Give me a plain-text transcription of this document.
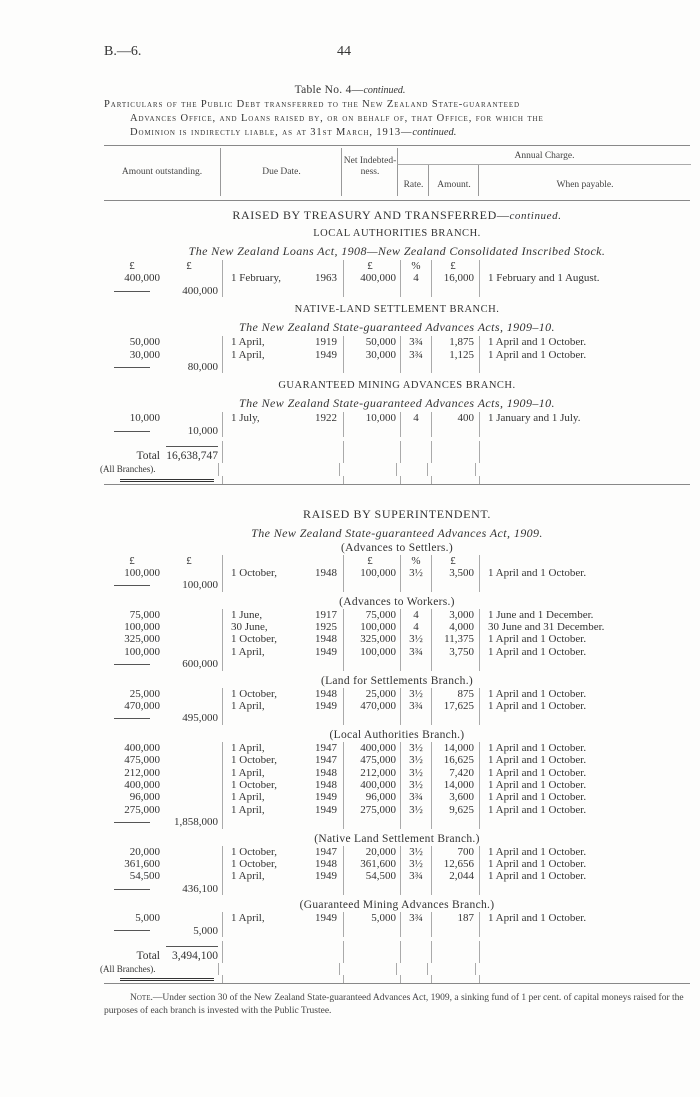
B.—6.	44
Table No. 4—continued.
Particulars of the Public Debt transferred to the New Zealand State-guaranteed
Advances Office, and Loans raised by, or on behalf of, that Office, for which the
Dominion is indirectly liable, as at 31st March, 1913—continued.
Amount outstanding.	Due Date.
Net Indebted-ness.
Annual Charge.
Rate.	Amount.	When payable.
RAISED BY TREASURY AND TRANSFERRED—continued.
LOCAL AUTHORITIES BRANCH.
The New Zealand Loans Act, 1908—New Zealand Consolidated Inscribed Stock.
£	£	£	%	£
400,000	1 February,	1963	400,000	4	16,000	1 February and 1 August.
400,000
NATIVE-LAND SETTLEMENT BRANCH.
The New Zealand State-guaranteed Advances Acts, 1909–10.
50,000	1 April,	1919	50,000	3¾	1,875	1 April and 1 October.
30,000	1 April,	1949	30,000	3¾	1,125	1 April and 1 October.
80,000
GUARANTEED MINING ADVANCES BRANCH.
The New Zealand State-guaranteed Advances Acts, 1909–10.
10,000	1 July,	1922	10,000	4	400	1 January and 1 July.
10,000
Total 16,638,747
(All Branches).
RAISED BY SUPERINTENDENT.
The New Zealand State-guaranteed Advances Act, 1909.
(Advances to Settlers.)
£	£	£	%	£
100,000	1 October,	1948	100,000	3½	3,500	1 April and 1 October.
100,000
(Advances to Workers.)
75,000	1 June,	1917	75,000	4	3,000	1 June and 1 December.
100,000	30 June,	1925	100,000	4	4,000	30 June and 31 December.
325,000	1 October,	1948	325,000	3½	11,375	1 April and 1 October.
100,000	1 April,	1949	100,000	3¾	3,750	1 April and 1 October.
600,000
(Land for Settlements Branch.)
25,000	1 October,	1948	25,000	3½	875	1 April and 1 October.
470,000	1 April,	1949	470,000	3¾	17,625	1 April and 1 October.
495,000
(Local Authorities Branch.)
400,000	1 April,	1947	400,000	3½	14,000	1 April and 1 October.
475,000	1 October,	1947	475,000	3½	16,625	1 April and 1 October.
212,000	1 April,	1948	212,000	3½	7,420	1 April and 1 October.
400,000	1 October,	1948	400,000	3½	14,000	1 April and 1 October.
96,000	1 April,	1949	96,000	3¾	3,600	1 April and 1 October.
275,000	1 April,	1949	275,000	3½	9,625	1 April and 1 October.
1,858,000
(Native Land Settlement Branch.)
20,000	1 October,	1947	20,000	3½	700	1 April and 1 October.
361,600	1 October,	1948	361,600	3½	12,656	1 April and 1 October.
54,500	1 April,	1949	54,500	3¾	2,044	1 April and 1 October.
436,100
(Guaranteed Mining Advances Branch.)
5,000	1 April,	1949	5,000	3¾	187	1 April and 1 October.
5,000
Total	3,494,100
(All Branches).
Note.—Under section 30 of the New Zealand State-guaranteed Advances Act, 1909, a sinking fund of 1 per cent. of capital moneys raised for the purposes of each branch is invested with the Public Trustee.
